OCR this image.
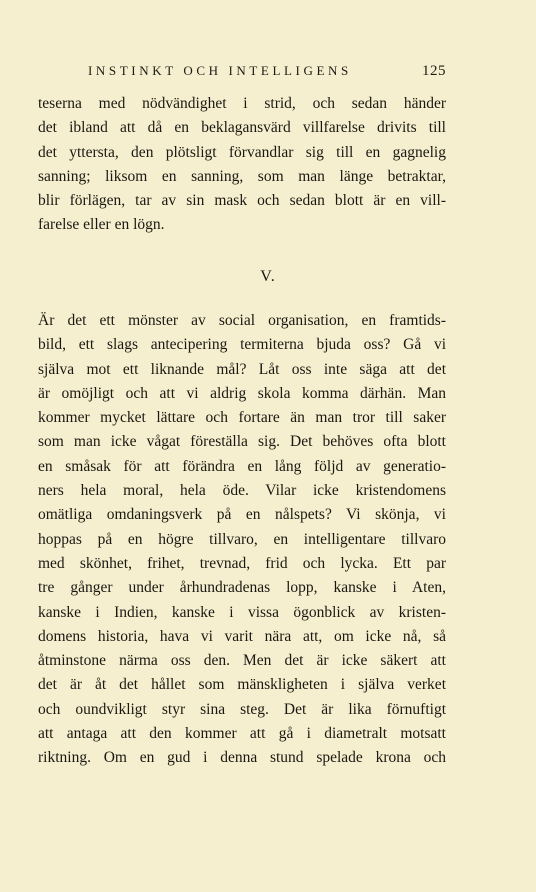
INSTINKT OCH INTELLIGENS	125
teserna med nödvändighet i strid, och sedan händer
det ibland att då en beklagansvärd villfarelse drivits till
det yttersta, den plötsligt förvandlar sig till en gagnelig
sanning; liksom en sanning, som man länge betraktar,
blir förlägen, tar av sin mask och sedan blott är en vill-
farelse eller en lögn.
V.
Är det ett mönster av social organisation, en framtids-
bild, ett slags antecipering termiterna bjuda oss? Gå vi
själva mot ett liknande mål? Låt oss inte säga att det
är omöjligt och att vi aldrig skola komma därhän. Man
kommer mycket lättare och fortare än man tror till saker
som man icke vågat föreställa sig. Det behöves ofta blott
en småsak för att förändra en lång följd av generatio-
ners hela moral, hela öde. Vilar icke kristendomens
omätliga omdaningsverk på en nålspets? Vi skönja, vi
hoppas på en högre tillvaro, en intelligentare tillvaro
med skönhet, frihet, trevnad, frid och lycka. Ett par
tre gånger under århundradenas lopp, kanske i Aten,
kanske i Indien, kanske i vissa ögonblick av kristen-
domens historia, hava vi varit nära att, om icke nå, så
åtminstone närma oss den. Men det är icke säkert att
det är åt det hållet som mänskligheten i själva verket
och oundvikligt styr sina steg. Det är lika förnuftigt
att antaga att den kommer att gå i diametralt motsatt
riktning. Om en gud i denna stund spelade krona och
